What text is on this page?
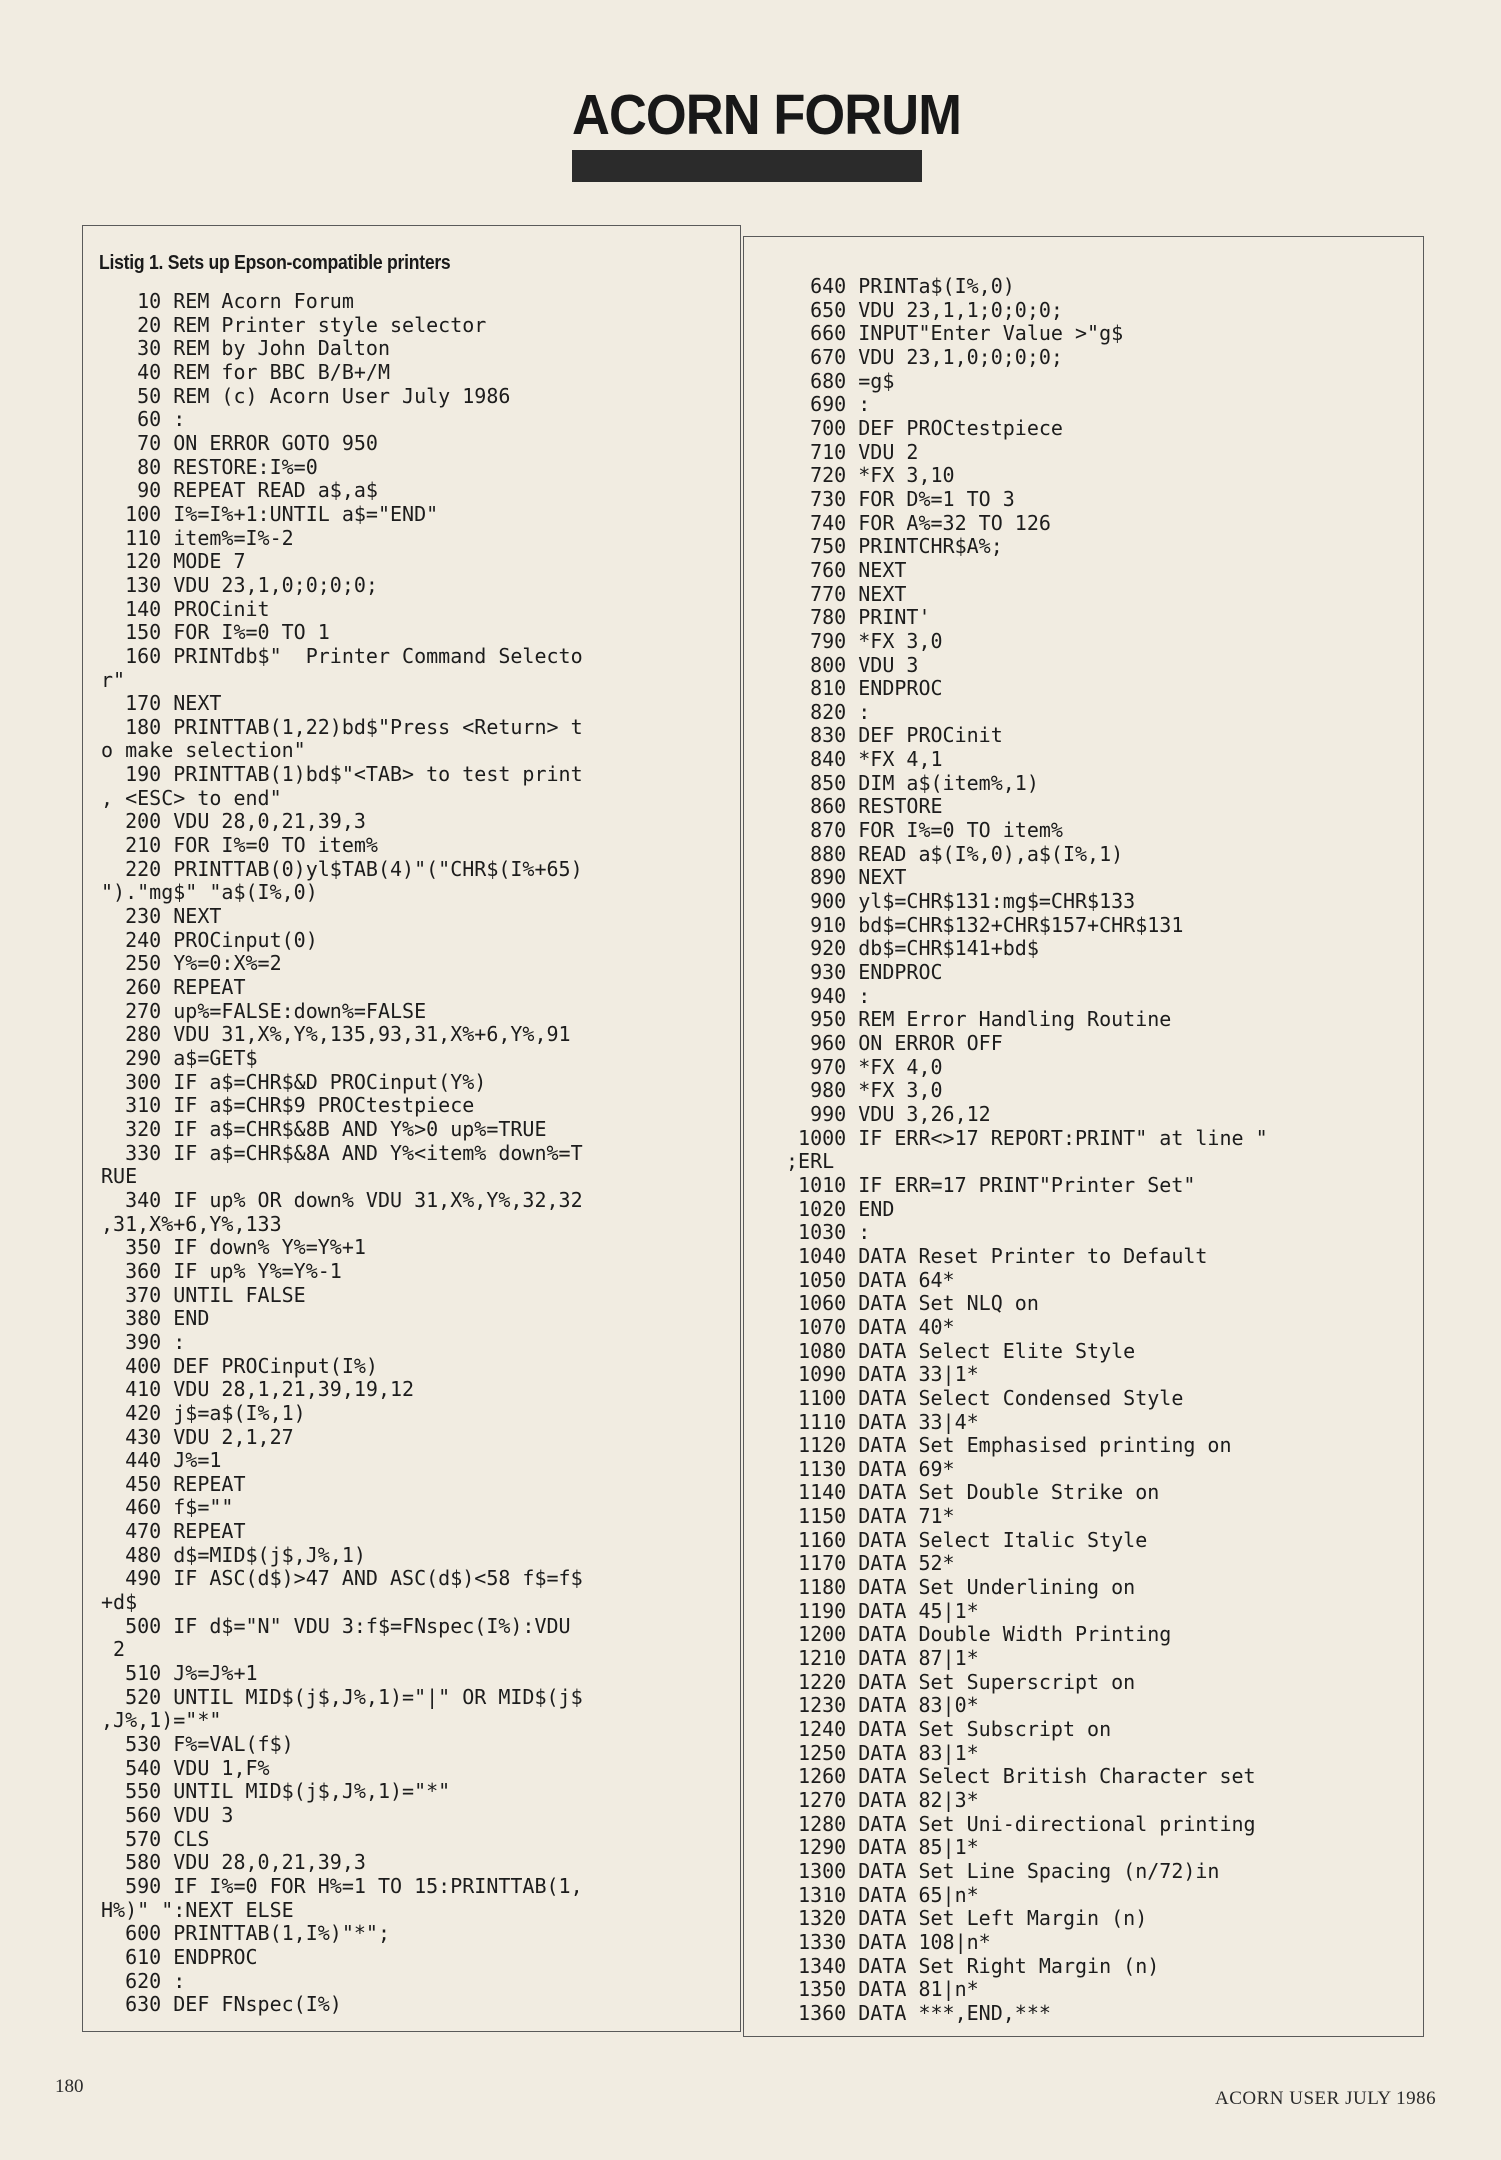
ACORN FORUM
Listig 1. Sets up Epson-compatible printers
10 REM Acorn Forum
20 REM Printer style selector
30 REM by John Dalton
40 REM for BBC B/B+/M
50 REM (c) Acorn User July 1986
60 :
70 ON ERROR GOTO 950
80 RESTORE:I%=0
90 REPEAT READ a$,a$
100 I%=I%+1:UNTIL a$="END"
110 item%=I%-2
120 MODE 7
130 VDU 23,1,0;0;0;0;
140 PROCinit
150 FOR I%=0 TO 1
160 PRINTdb$"  Printer Command Selecto
r"
170 NEXT
180 PRINTTAB(1,22)bd$"Press <Return> t
o make selection"
190 PRINTTAB(1)bd$"<TAB> to test print
, <ESC> to end"
200 VDU 28,0,21,39,3
210 FOR I%=0 TO item%
220 PRINTTAB(0)yl$TAB(4)"("CHR$(I%+65)
")."mg$" "a$(I%,0)
230 NEXT
240 PROCinput(0)
250 Y%=0:X%=2
260 REPEAT
270 up%=FALSE:down%=FALSE
280 VDU 31,X%,Y%,135,93,31,X%+6,Y%,91
290 a$=GET$
300 IF a$=CHR$&D PROCinput(Y%)
310 IF a$=CHR$9 PROCtestpiece
320 IF a$=CHR$&8B AND Y%>0 up%=TRUE
330 IF a$=CHR$&8A AND Y%<item% down%=T
RUE
340 IF up% OR down% VDU 31,X%,Y%,32,32
,31,X%+6,Y%,133
350 IF down% Y%=Y%+1
360 IF up% Y%=Y%-1
370 UNTIL FALSE
380 END
390 :
400 DEF PROCinput(I%)
410 VDU 28,1,21,39,19,12
420 j$=a$(I%,1)
430 VDU 2,1,27
440 J%=1
450 REPEAT
460 f$=""
470 REPEAT
480 d$=MID$(j$,J%,1)
490 IF ASC(d$)>47 AND ASC(d$)<58 f$=f$
+d$
500 IF d$="N" VDU 3:f$=FNspec(I%):VDU
2
510 J%=J%+1
520 UNTIL MID$(j$,J%,1)="|" OR MID$(j$
,J%,1)="*"
530 F%=VAL(f$)
540 VDU 1,F%
550 UNTIL MID$(j$,J%,1)="*"
560 VDU 3
570 CLS
580 VDU 28,0,21,39,3
590 IF I%=0 FOR H%=1 TO 15:PRINTTAB(1,
H%)" ":NEXT ELSE
600 PRINTTAB(1,I%)"*";
610 ENDPROC
620 :
630 DEF FNspec(I%)
640 PRINTa$(I%,0)
650 VDU 23,1,1;0;0;0;
660 INPUT"Enter Value >"g$
670 VDU 23,1,0;0;0;0;
680 =g$
690 :
700 DEF PROCtestpiece
710 VDU 2
720 *FX 3,10
730 FOR D%=1 TO 3
740 FOR A%=32 TO 126
750 PRINTCHR$A%;
760 NEXT
770 NEXT
780 PRINT'
790 *FX 3,0
800 VDU 3
810 ENDPROC
820 :
830 DEF PROCinit
840 *FX 4,1
850 DIM a$(item%,1)
860 RESTORE
870 FOR I%=0 TO item%
880 READ a$(I%,0),a$(I%,1)
890 NEXT
900 yl$=CHR$131:mg$=CHR$133
910 bd$=CHR$132+CHR$157+CHR$131
920 db$=CHR$141+bd$
930 ENDPROC
940 :
950 REM Error Handling Routine
960 ON ERROR OFF
970 *FX 4,0
980 *FX 3,0
990 VDU 3,26,12
1000 IF ERR<>17 REPORT:PRINT" at line "
;ERL
1010 IF ERR=17 PRINT"Printer Set"
1020 END
1030 :
1040 DATA Reset Printer to Default
1050 DATA 64*
1060 DATA Set NLQ on
1070 DATA 40*
1080 DATA Select Elite Style
1090 DATA 33|1*
1100 DATA Select Condensed Style
1110 DATA 33|4*
1120 DATA Set Emphasised printing on
1130 DATA 69*
1140 DATA Set Double Strike on
1150 DATA 71*
1160 DATA Select Italic Style
1170 DATA 52*
1180 DATA Set Underlining on
1190 DATA 45|1*
1200 DATA Double Width Printing
1210 DATA 87|1*
1220 DATA Set Superscript on
1230 DATA 83|0*
1240 DATA Set Subscript on
1250 DATA 83|1*
1260 DATA Select British Character set
1270 DATA 82|3*
1280 DATA Set Uni-directional printing
1290 DATA 85|1*
1300 DATA Set Line Spacing (n/72)in
1310 DATA 65|n*
1320 DATA Set Left Margin (n)
1330 DATA 108|n*
1340 DATA Set Right Margin (n)
1350 DATA 81|n*
1360 DATA ***,END,***
180
ACORN USER JULY 1986
